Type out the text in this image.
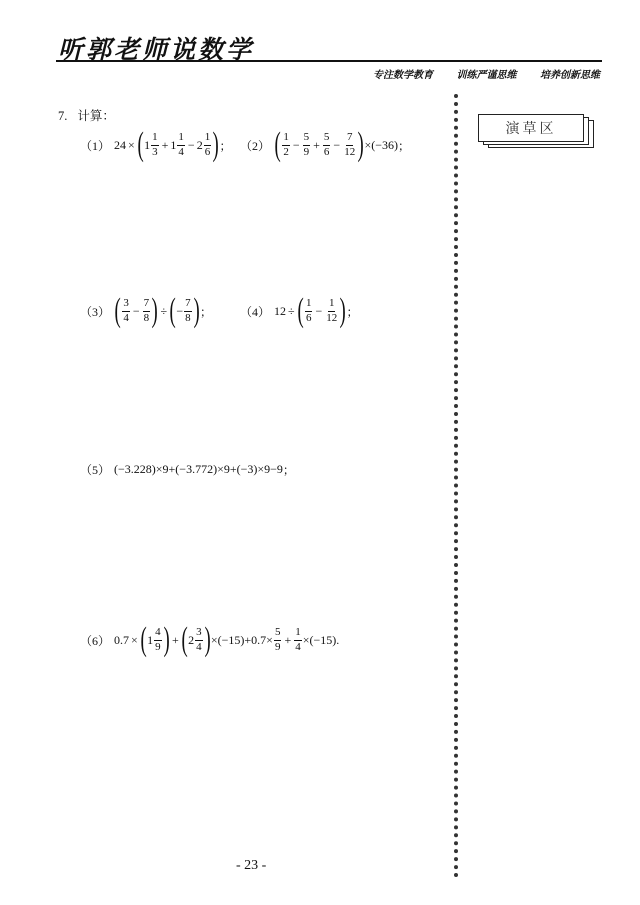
听郭老师说数学
专注数学教育 训练严谨思维 培养创新思维
7. 计算：
（1） 24 × ( $1 \frac{1}{3} + 1 \frac{1}{4} - 2 \frac{1}{6}$ ) ； （2） ( $\frac{1}{2} - \frac{5}{9} + \frac{5}{6} - \frac{7}{12}$ ) ×(−36) ；
（3） ( $\frac{3}{4} - \frac{7}{8}$ ) ÷ ( − $\frac{7}{8}$ ) ； （4） 12 ÷ ( $\frac{1}{6} - \frac{1}{12}$ ) ；
（5） (−3.228)×9+(−3.772)×9+(−3)×9−9 ；
（6） 0.7 × ( $1 \frac{4}{9}$ ) + ( $2 \frac{3}{4}$ ) $\times(-15)+0.7\times \frac{5}{9} + \frac{1}{4} \times(-15)$ .
演草区
- 23 -
